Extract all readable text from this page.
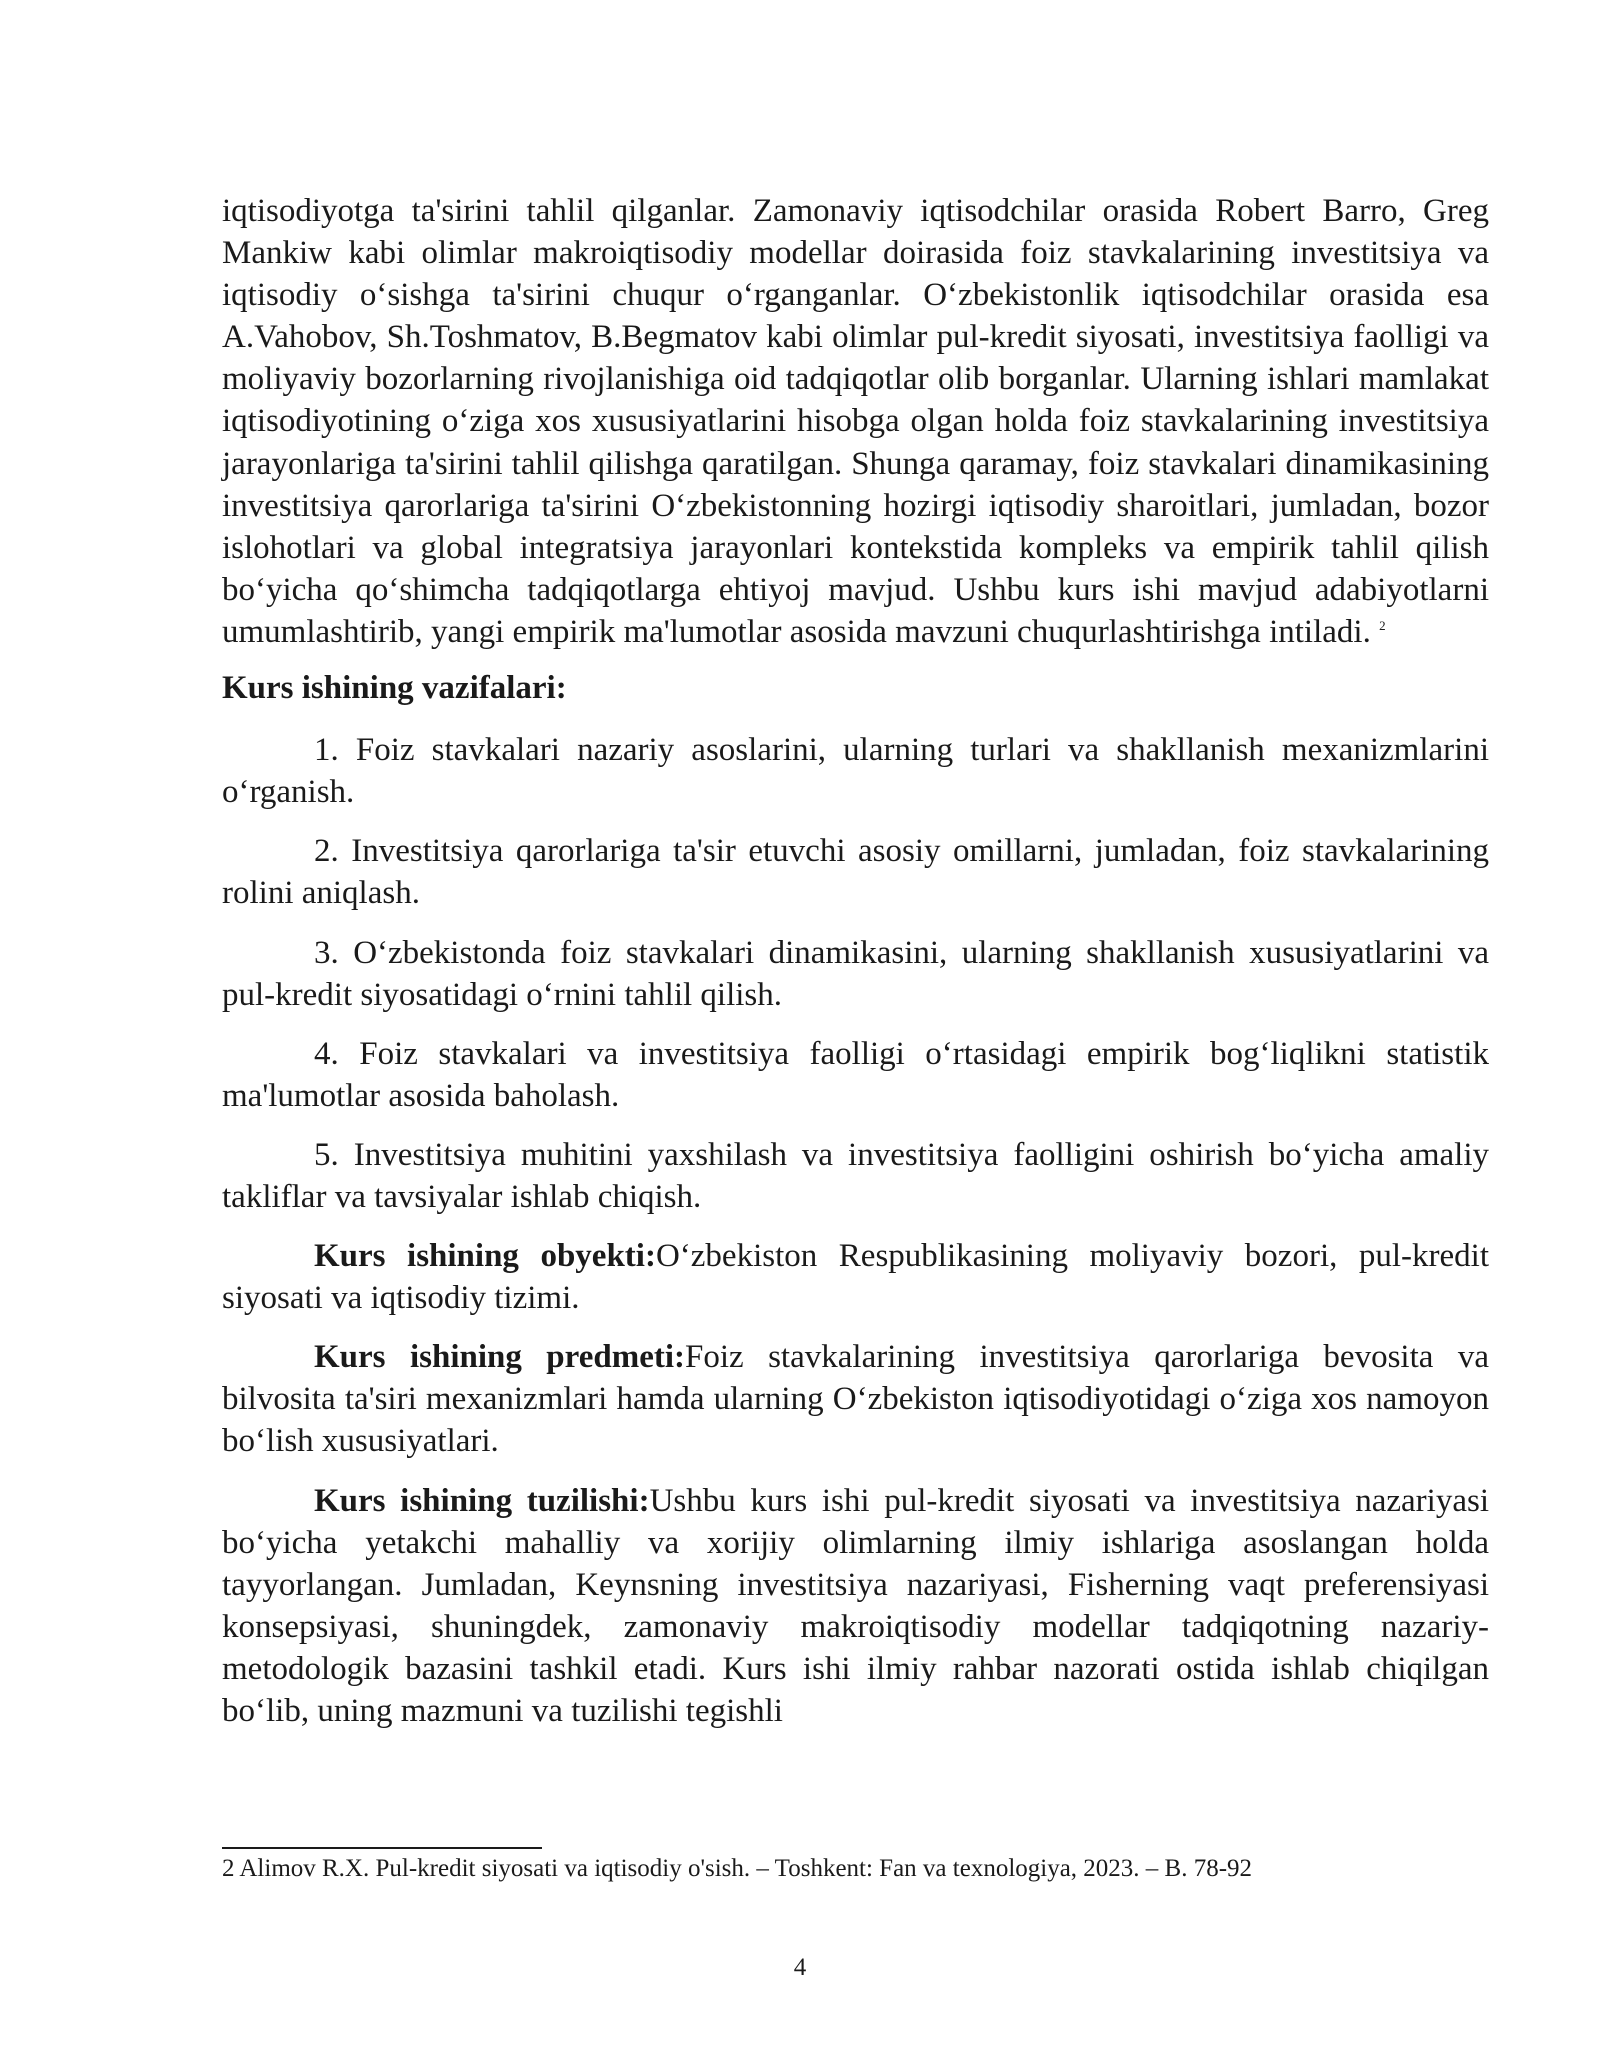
iqtisodiyotga ta'sirini tahlil qilganlar. Zamonaviy iqtisodchilar orasida Robert Barro, Greg Mankiw kabi olimlar makroiqtisodiy modellar doirasida foiz stavkalarining investitsiya va iqtisodiy o‘sishga ta'sirini chuqur o‘rganganlar. O‘zbekistonlik iqtisodchilar orasida esa A.Vahobov, Sh.Toshmatov, B.Begmatov kabi olimlar pul-kredit siyosati, investitsiya faolligi va moliyaviy bozorlarning rivojlanishiga oid tadqiqotlar olib borganlar. Ularning ishlari mamlakat iqtisodiyotining o‘ziga xos xususiyatlarini hisobga olgan holda foiz stavkalarining investitsiya jarayonlariga ta'sirini tahlil qilishga qaratilgan. Shunga qaramay, foiz stavkalari dinamikasining investitsiya qarorlariga ta'sirini O‘zbekistonning hozirgi iqtisodiy sharoitlari, jumladan, bozor islohotlari va global integratsiya jarayonlari kontekstida kompleks va empirik tahlil qilish bo‘yicha qo‘shimcha tadqiqotlarga ehtiyoj mavjud. Ushbu kurs ishi mavjud adabiyotlarni umumlashtirib, yangi empirik ma'lumotlar asosida mavzuni chuqurlashtirishga intiladi. $^2$

Kurs ishining vazifalari:

1. Foiz stavkalari nazariy asoslarini, ularning turlari va shakllanish mexanizmlarini o‘rganish.
2. Investitsiya qarorlariga ta'sir etuvchi asosiy omillarni, jumladan, foiz stavkalarining rolini aniqlash.
3. O‘zbekistonda foiz stavkalari dinamikasini, ularning shakllanish xususiyatlarini va pul-kredit siyosatidagi o‘rnini tahlil qilish.
4. Foiz stavkalari va investitsiya faolligi o‘rtasidagi empirik bog‘liqlikni statistik ma'lumotlar asosida baholash.
5. Investitsiya muhitini yaxshilash va investitsiya faolligini oshirish bo‘yicha amaliy takliflar va tavsiyalar ishlab chiqish.

Kurs ishining obyekti:O‘zbekiston Respublikasining moliyaviy bozori, pul-kredit siyosati va iqtisodiy tizimi.

Kurs ishining predmeti:Foiz stavkalarining investitsiya qarorlariga bevosita va bilvosita ta'siri mexanizmlari hamda ularning O‘zbekiston iqtisodiyotidagi o‘ziga xos namoyon bo‘lish xususiyatlari.

Kurs ishining tuzilishi:Ushbu kurs ishi pul-kredit siyosati va investitsiya nazariyasi bo‘yicha yetakchi mahalliy va xorijiy olimlarning ilmiy ishlariga asoslangan holda tayyorlangan. Jumladan, Keynsning investitsiya nazariyasi, Fisherning vaqt preferensiyasi konsepsiyasi, shuningdek, zamonaviy makroiqtisodiy modellar tadqiqotning nazariy-metodologik bazasini tashkil etadi. Kurs ishi ilmiy rahbar nazorati ostida ishlab chiqilgan bo‘lib, uning mazmuni va tuzilishi tegishli

2 Alimov R.X. Pul-kredit siyosati va iqtisodiy o'sish. – Toshkent: Fan va texnologiya, 2023. – B. 78-92

4
